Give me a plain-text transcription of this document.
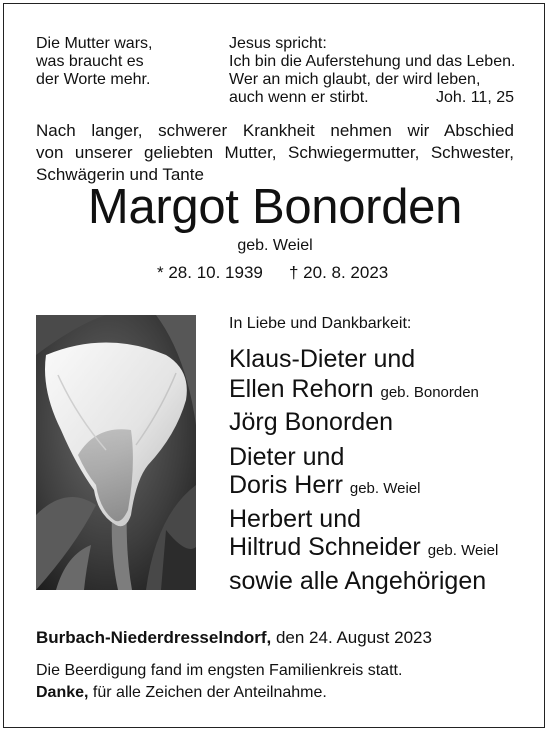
Die Mutter wars,
was braucht es
der Worte mehr.
Jesus spricht:
Ich bin die Auferstehung und das Leben.
Wer an mich glaubt, der wird leben,
auch wenn er stirbt.	Joh. 11, 25
Nach langer, schwerer Krankheit nehmen wir Abschied
von unserer geliebten Mutter, Schwiegermutter, Schwester,
Schwägerin und Tante
Margot Bonorden
geb. Weiel
* 28. 10. 1939 † 20. 8. 2023
In Liebe und Dankbarkeit:
Klaus-Dieter und
Ellen Rehorn geb. Bonorden
Jörg Bonorden
Dieter und
Doris Herr geb. Weiel
Herbert und
Hiltrud Schneider geb. Weiel
sowie alle Angehörigen
Burbach-Niederdresselndorf, den 24. August 2023
Die Beerdigung fand im engsten Familienkreis statt.
Danke, für alle Zeichen der Anteilnahme.
